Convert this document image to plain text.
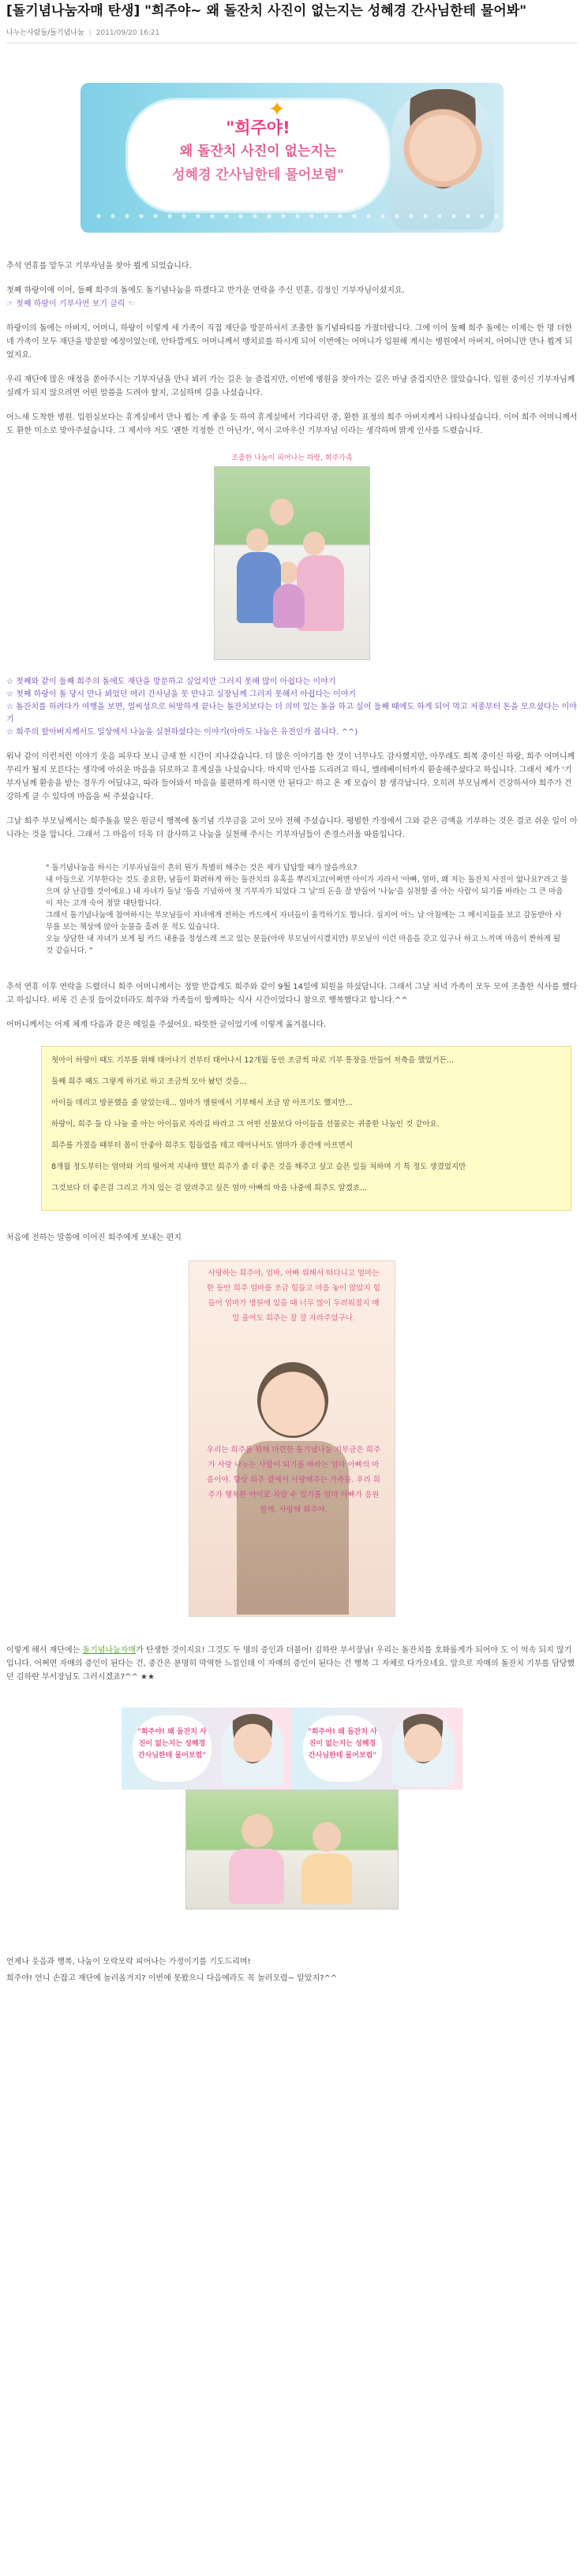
[돌기념나눔자매 탄생] "희주야~ 왜 돌잔치 사진이 없는지는 성혜경 간사님한테 물어봐"
나누는사람들/돌기념나눔 | 2011/09/20 16:21
✦
"희주야!
왜 돌잔치 사진이 없는지는
성혜경 간사님한테 물어보렴"

추석 연휴를 앞두고 기부자님을 찾아 뵙게 되었습니다.

첫째 하랑이에 이어, 둘째 희주의 돌에도 돌기념나눔을 하겠다고 반가운 연락을 주신 민훈, 김정인 기부자님이셨지요.
☞ 첫째 하랑이 기부사연 보기 클릭 ☜

하랑이의 돌에는 아버지, 어머니, 하랑이 이렇게 세 가족이 직접 재단을 방문하셔서 조촐한 돌기념파티를 가졌더랍니다. 그에 이어 둘째 희주 돌에는 이제는 한 명 더한 네 가족이 모두 재단을 방문할 예정이었는데, 안타깝게도 어머니께서 맹치료를 하시게 되어 이번에는 어머니가 입원해 계시는 병원에서 아버지, 어머니만 만나 뵙게 되었지요.

우리 재단에 많은 애정을 쏟아주시는 기부자님을 만나 뵈러 가는 길은 늘 즐겁지만, 이번에 병원을 찾아가는 길은 마냥 즐겁지만은 않았습니다. 입원 중이신 기부자님께 실례가 되지 않으려면 어떤 말씀을 드려야 할지, 고심하며 길을 나섰습니다.

어느새 도착한 병원. 입원실보다는 휴게실에서 만나 뵙는 게 좋을 듯 하여 휴게실에서 기다리던 중, 환한 표정의 희주 아버지께서 나타나셨습니다. 이어 희주 어머니께서도 환한 미소로 맞아주셨습니다. 그 제서야 저도 '괜한 걱정한 건 아닌가', 역시 고마우신 기부자님 이라는 생각하며 밝게 인사를 드렸습니다.

조촐한 나눔이 피어나는 하랑, 희주가족
☆ 첫째와 같이 둘째 희주의 돌에도 재단을 방문하고 싶었지만 그러지 못해 많이 아쉽다는 이야기
☆ 첫째 하랑이 돌 당시 만나 뵈었던 여러 간사님을 못 만나고 실장님께 그러지 못해서 아쉽다는 이야기
☆ 돌잔치를 하려다가 여행을 보면, 얼씨성으로 허망하게 끝나는 돌잔치보다는 더 의미 있는 돌을 하고 싶어 둘째 때에도 하게 되어 먹고 저종부터 돈을 모으셨다는 이야기
☆ 희주의 할아버지께서도 일상에서 나눔을 실천하셨다는 이야기(아마도 나눔은 유전인가 봅니다. ^^)

워낙 같이 이런저런 이야기 웃음 피우다 보니 금새 한 시간이 지나갔습니다. 더 많은 이야기를 한 것이 너무나도 감사했지만, 아무래도 회복 중이신 하랑, 희주 어머니께 무리가 될지 모른다는 생각에 아쉬운 마음을 뒤로하고 휴게실을 나섰습니다. 마지막 인사를 드리려고 하니, 엘레베이터까지 환송해주셨다고 하십니다. 그래서 제가 '기부자님께 환송을 받는 경우가 어딨냐고, 따라 들어와서 마음을 불편하게 하시면 안 된다고' 하고 온 제 모습이 참 생각납니다. 오히려 부모님께서 건강하셔야 희주가 건강하게 클 수 있다며 마음을 써 주셨습니다.

그날 희주 부모님께서는 희주돌을 맞은 원금서 행복에 돌기념 기부금을 고이 모아 전해 주셨습니다. 평범한 가정에서 그와 같은 금액을 기부하는 것은 결코 쉬운 일이 아니라는 것을 압니다. 그래서 그 마음이 더욱 더 감사하고 나눔을 실천해 주시는 기부자님들이 존경스러울 따름입니다.

" 돌기념나눔을 하시는 기부자님들이 흔히 뭔가 특별히 해주는 것은 제가 답답할 때가 많을까요?
내 아들으로 기부한다는 것도 중요한, 남들이 화려하게 하는 돌잔치의 유혹을 뿌리치고(어쩌면 아이가 자라서 '아빠, 엄마, 왜 저는 돌잔치 사진이 없나요?'라고 물으며 살 난감할 것이에요.) 내 자녀가 돌날 '돌을 기념하여 첫 기부자가 되었다 그 날'의 돈을 잘 받들어 '나눔'을 실천할 줄 아는 사람이 되기를 바라는 그 큰 마음이 저는 고개 숙여 정말 대단합니다.
그래서 돌기념나눔에 참여하시는 부모님들이 자녀에게 전하는 카드에서 자녀들이 울컥하기도 합니다. 심지어 어느 날 아침에는 그 메시지들을 보고 감동받아 사무를 보는 책상에 앉아 눈물을 흘려 운 적도 있습니다.
오늘 상담한 내 자녀가 보게 될 카드 내용을 정성스레 쓰고 있는 분들(아마 부모님이시겠지만) 부모님이 이런 마음을 갖고 있구나 하고 느끼며 마음이 짠하게 될 것 같습니다. "

추석 연휴 이후 연락을 드렸더니 희주 어머니께서는 정말 반갑게도 희주와 같이 9월 14일에 퇴원을 하셨답니다. 그래서 그날 저녁 가족이 모두 모여 조촐한 식사를 했다고 하십니다. 비록 긴 손짓 들어갔더라도 희주와 가족들이 함께하는 식사 시간이었다니 참으로 행복했다고 합니다.^^

어머니께서는 어제 체계 다음과 같은 메일을 주셨어요. 따뜻한 글이었기에 이렇게 옮겨봅니다.

첫아이 하랑이 때도 기부를 위해 태어나기 전부터 태어나서 12개월 동안 조금씩 따로 기부 통장을 만들어 저축을 했었거든...

둘째 희주 때도 그렇게 하기로 하고 조금씩 모아 놨던 것을...

아이들 데리고 방문했을 줄 알았는데... 엄마가 병원에서 기부해서 조금 맘 아프기도 했지만...

하랑이, 희주 둘 다 나눌 줄 아는 아이들로 자라길 바라고 그 어떤 선물보다 아이들을 선물로는 귀중한 나눔인 것 같아요.

희주를 가졌을 때부터 몸이 안좋아 희주도 힘들었을 테고 태어나서도 엄마가 중간에 아프면서

8개월 정도부터는 엄마와 거의 떨어져 지내야 했던 희주가 좀 더 좋은 것을 해주고 싶고 슬픈 일들 처하며 기 특 정도 생겼었지만

그것보다 더 좋은걸 그리고 가치 있는 걸 알려주고 싶은 엄마 아빠의 마음 나중에 희주도 알겠죠...

처음에 전하는 말씀에 이어진 희주에게 보내는 편지

사랑하는 희주야, 엄마, 아빠 위해서 떠다니고 엄마는 한 동안 희주 엄마를 조금 힘들고 마음 놓이 않았지 힘들어 엄마가 병원에 있을 때 너무 많이 두려워졌지 매일 울어도 희주는 잘 잘 자라주었구나.
우리는 희주를 위해 마련한 돌기념나눔 기부금은 희주가 사랑 나누는 사람이 되기를 바라는 엄마 아빠의 마음이야. 항상 희주 곁에서 사랑해주는 가족들. 우리 희주가 행복한 아이로 자랄 수 있기를 엄마 아빠가 응원할께. 사랑해 희주야.

이렇게 해서 재단에는 돌기념나눔자매가 탄생한 것이지요! 그것도 두 명의 증인과 더불어! 김하란 부서장님! 우리는 돌잔치를 호화롭게가 되어야 도 이 억속 되지 않기입니다. 어쩌면 자매의 증인이 된다는 건, 중간은 분명히 막역한 느낌인데 이 자매의 증인이 된다는 건 행복 그 자체로 다가오네요. 앞으로 자매의 돌잔치 기부를 담당했던 김하란 부서장님도 그러시겠죠?^^ ★★

"희주야! 왜 돌잔치 사진이 없는지는 성혜경 간사님한테 물어보렴"
"희주야! 왜 돌잔치 사진이 없는지는 성혜경 간사님한테 물어보렴"

언제나 웃음과 행복, 나눔이 모락모락 피어나는 가정이기를 기도드리며!

희주야! 언니 손잡고 재단에 놀러올거지? 이번에 못왔으니 다음에라도 꼭 놀러오렴~ 알았지?^^
